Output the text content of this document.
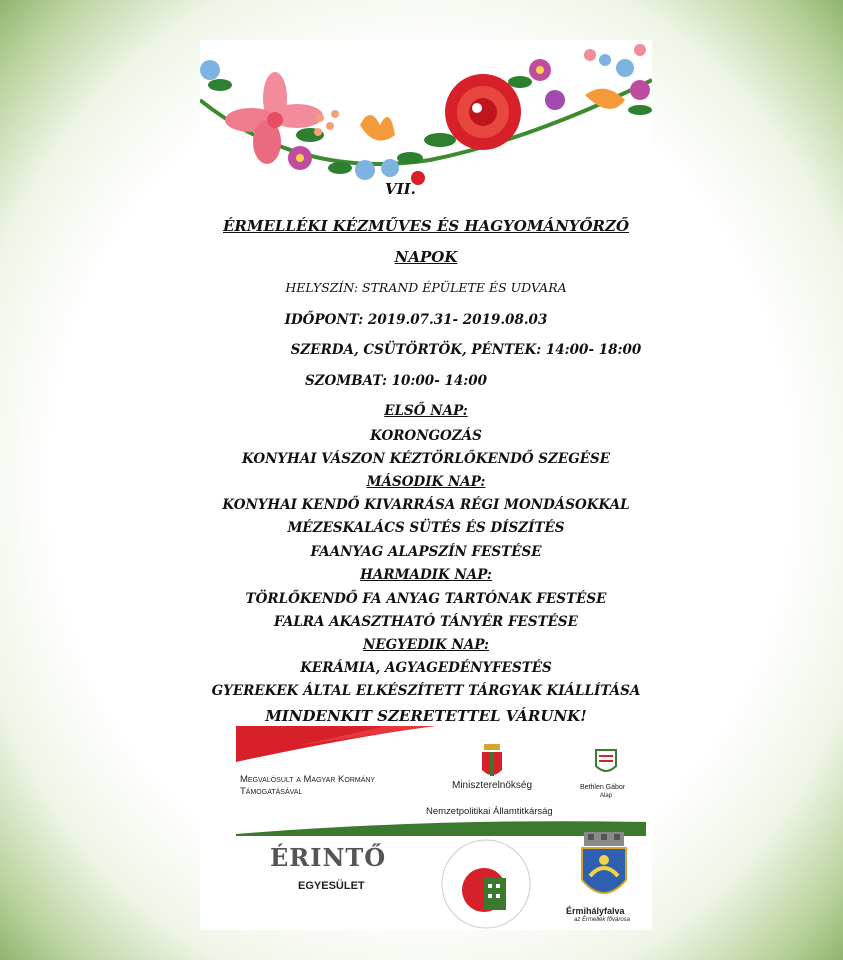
VII.
ÉRMELLÉKI KÉZMŰVES ÉS HAGYOMÁNYŐRZŐ
NAPOK
HELYSZÍN: STRAND ÉPÜLETE ÉS UDVARA
IDŐPONT: 2019.07.31- 2019.08.03
SZERDA, CSÜTÖRTÖK, PÉNTEK: 14:00- 18:00
SZOMBAT: 10:00- 14:00
ELSŐ NAP:
KORONGOZÁS
KONYHAI VÁSZON KÉZTÖRLŐKENDŐ SZEGÉSE
MÁSODIK NAP:
KONYHAI KENDŐ KIVARRÁSA RÉGI MONDÁSOKKAL
MÉZESKALÁCS SÜTÉS ÉS DÍSZÍTÉS
FAANYAG ALAPSZÍN FESTÉSE
HARMADIK NAP:
TÖRLŐKENDŐ FA ANYAG TARTÓNAK FESTÉSE
FALRA AKASZTHATÓ TÁNYÉR FESTÉSE
NEGYEDIK NAP:
KERÁMIA, AGYAGEDÉNYFESTÉS
GYEREKEK ÁLTAL ELKÉSZÍTETT TÁRGYAK KIÁLLÍTÁSA
MINDENKIT SZERETETTEL VÁRUNK!
Megvalósult a Magyar Kormány
Támogatásával
Miniszterelnökség	Bethlen Gábor
Alap
Nemzetpolitikai Államtitkárság
ÉRINTŐ
EGYESÜLET
Érmihályfalva
az Érmellék fővárosa
